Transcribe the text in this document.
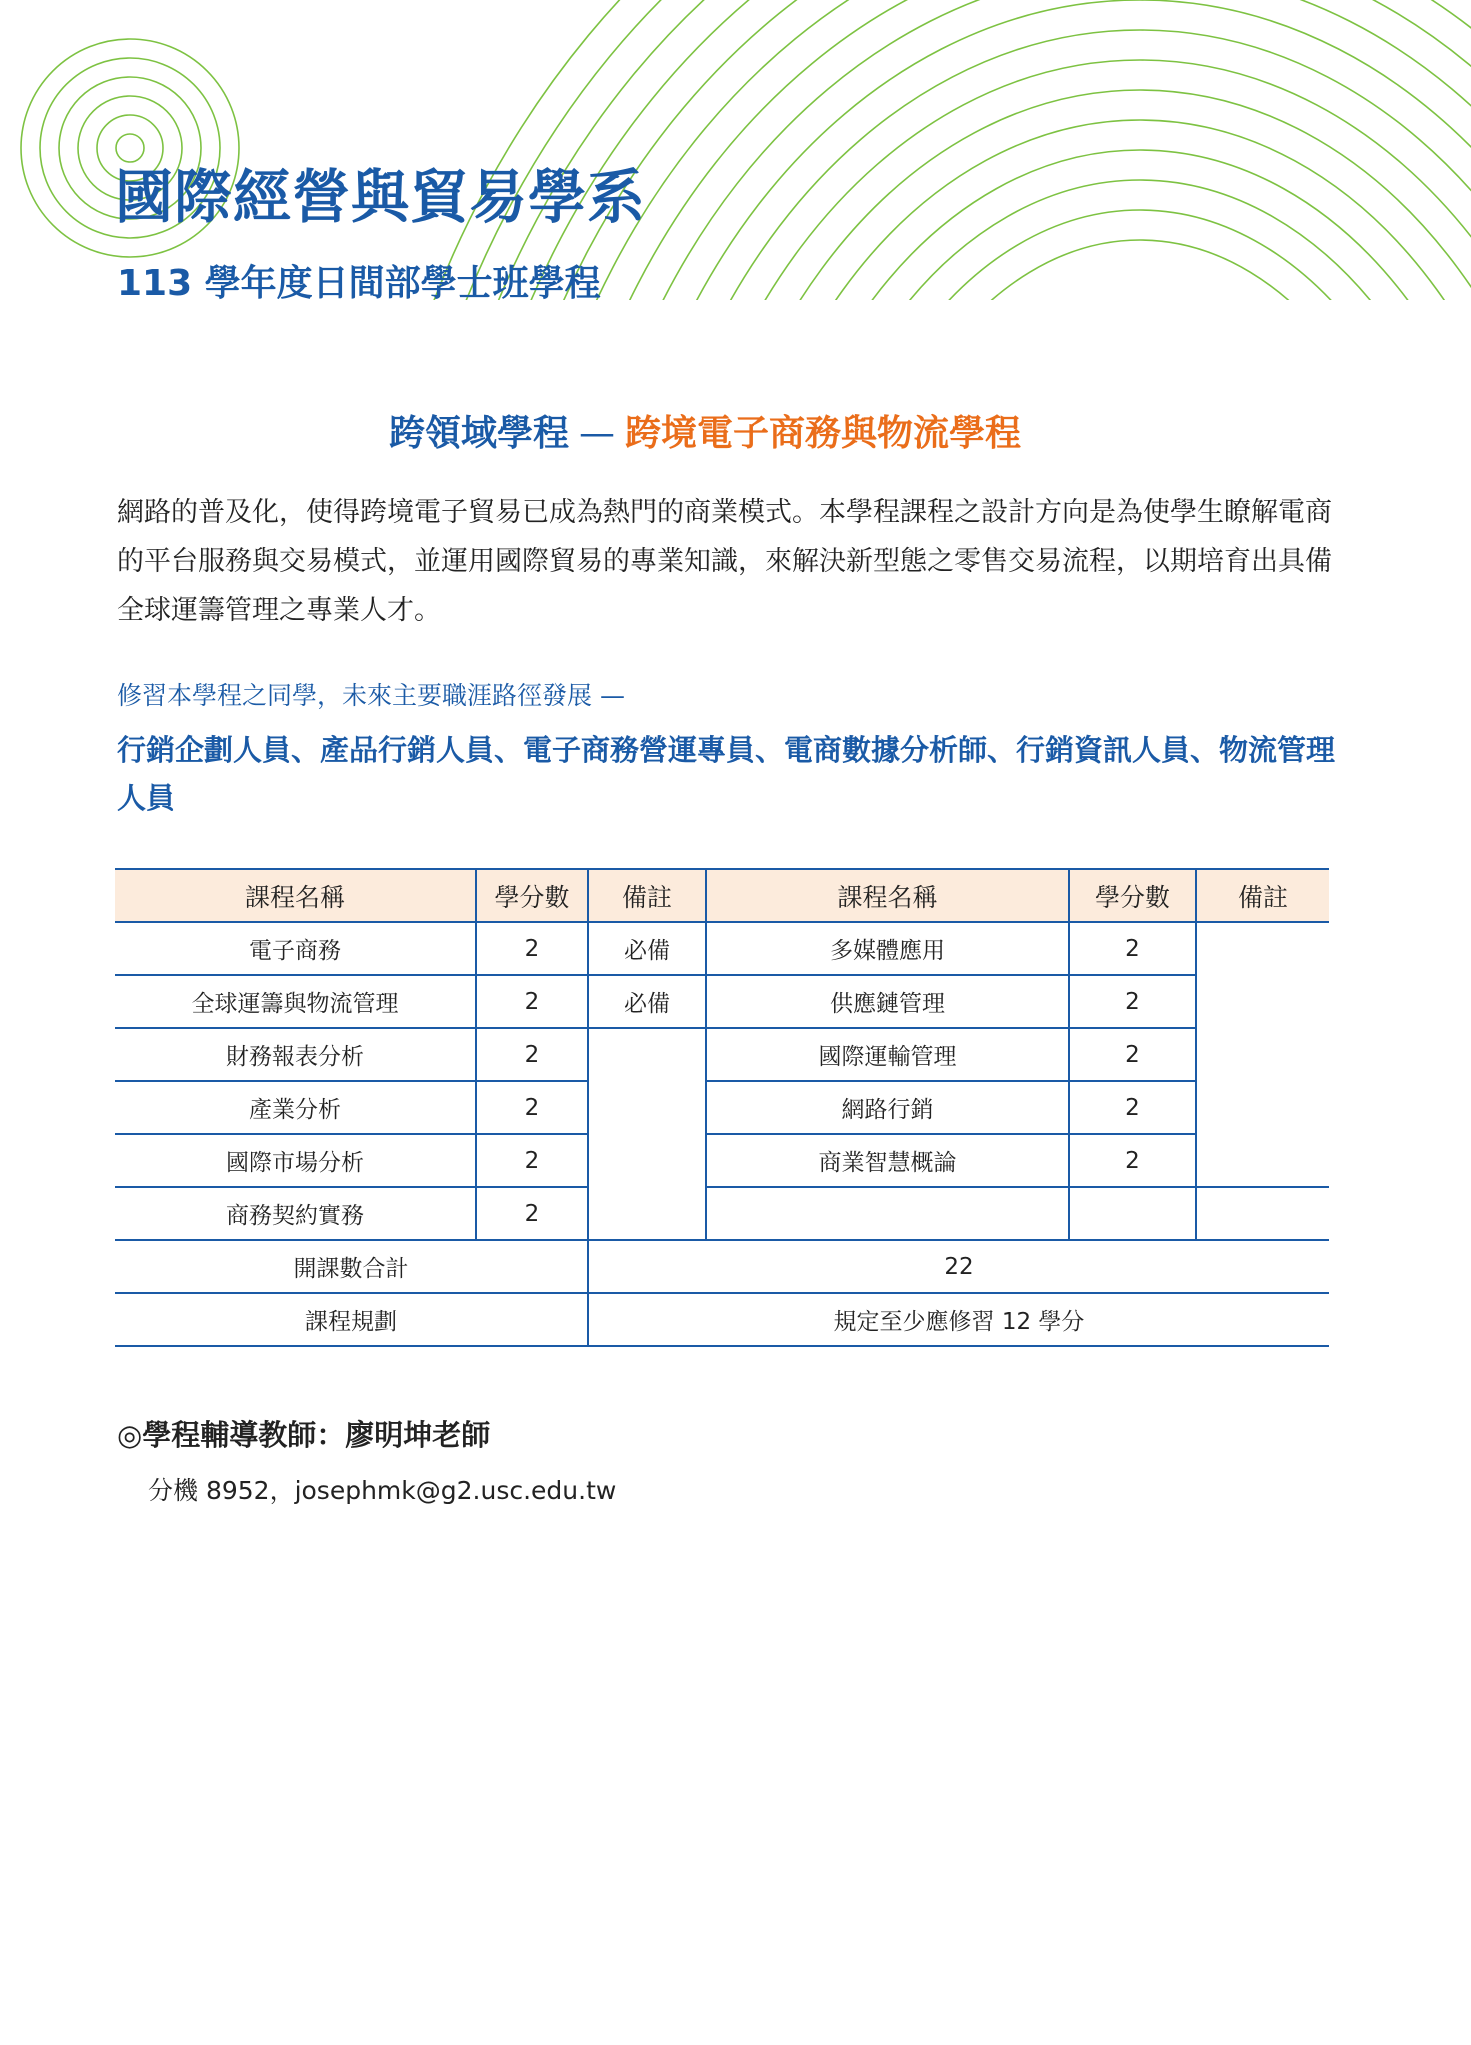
國際經營與貿易學系
113 學年度日間部學士班學程
跨領域學程 — 跨境電子商務與物流學程

網路的普及化，使得跨境電子貿易已成為熱門的商業模式。本學程課程之設計方向是為使學生瞭解電商的平台服務與交易模式，並運用國際貿易的專業知識，來解決新型態之零售交易流程，以期培育出具備全球運籌管理之專業人才。

修習本學程之同學，未來主要職涯路徑發展 —

行銷企劃人員、產品行銷人員、電子商務營運專員、電商數據分析師、行銷資訊人員、物流管理人員

課程名稱	學分數	備註	課程名稱	學分數	備註
電子商務	2	必備	多媒體應用	2	
全球運籌與物流管理	2	必備	供應鏈管理	2	
財務報表分析	2		國際運輸管理	2	
產業分析	2		網路行銷	2	
國際市場分析	2		商業智慧概論	2	
商務契約實務	2				
開課數合計		22			
課程規劃		規定至少應修習 12 學分			

◎學程輔導教師：廖明坤老師

分機 8952，josephmk@g2.usc.edu.tw
